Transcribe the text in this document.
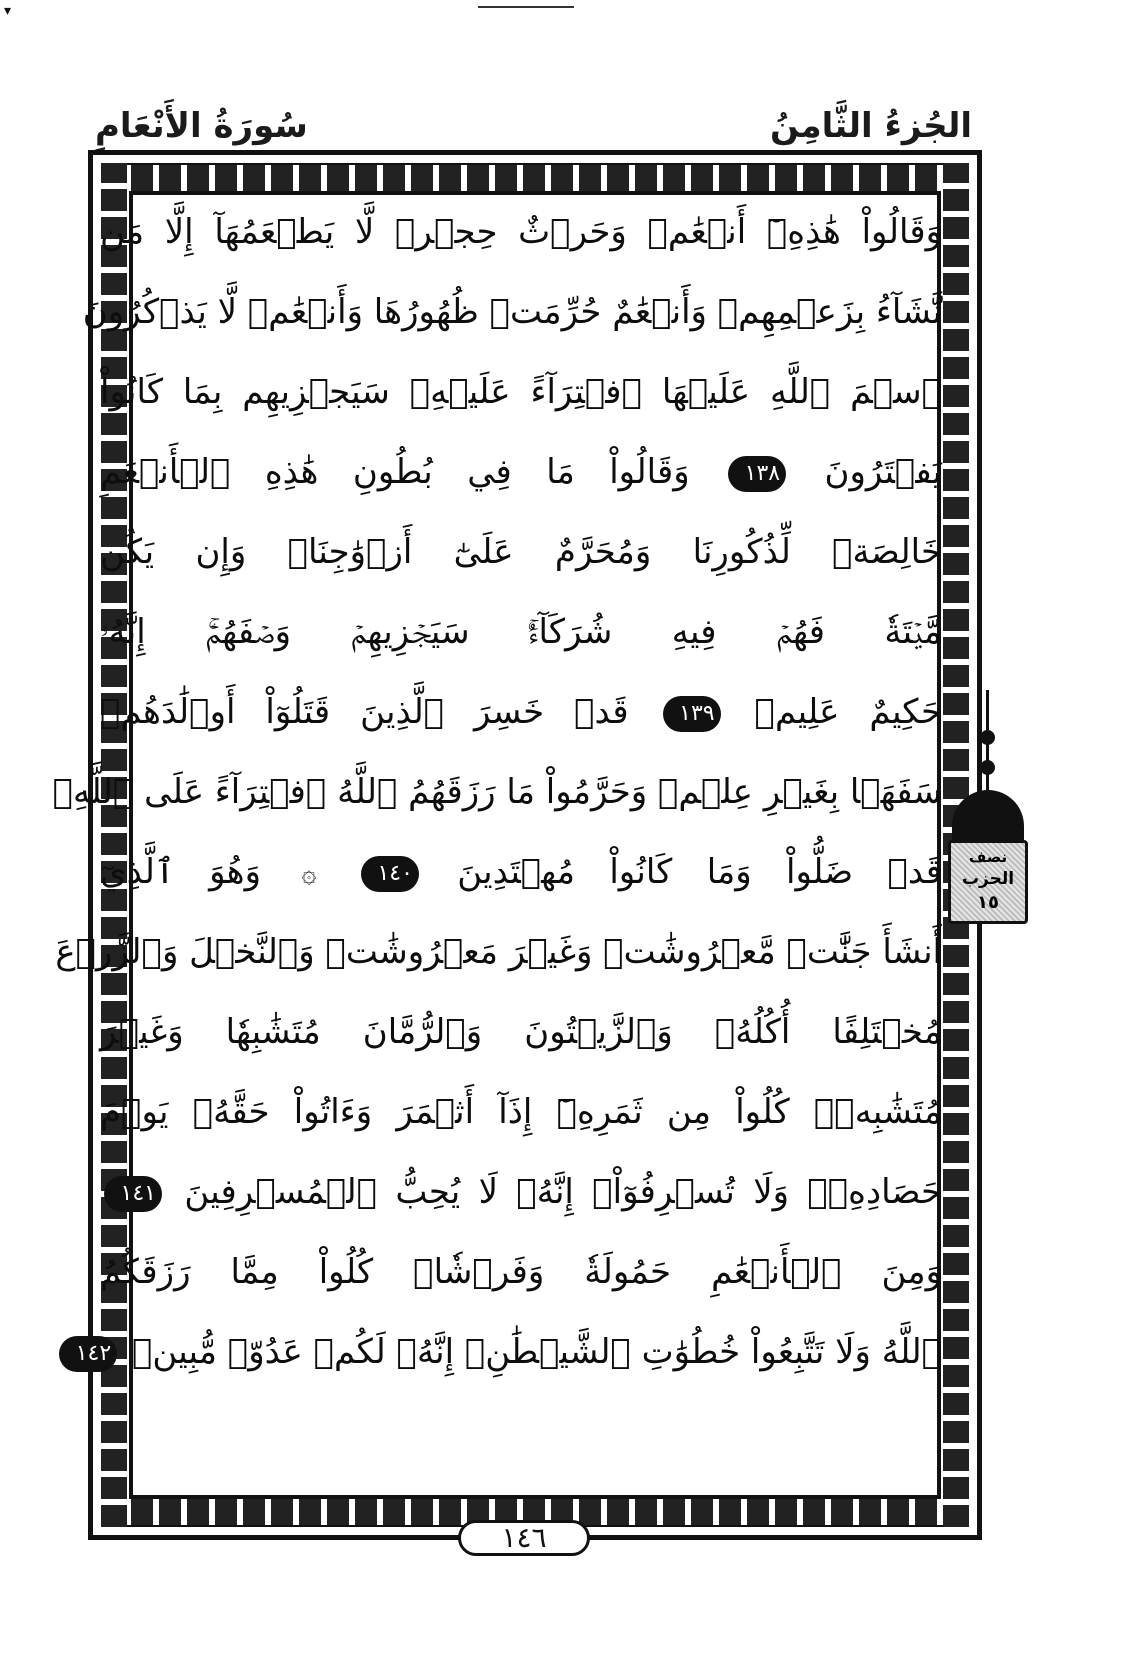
▾
سُورَةُ الأَنْعَامِ	الجُزءُ الثَّامِنُ
وَقَالُواْ هَٰذِهِۦٓ أَنۡعَٰمٞ وَحَرۡثٌ حِجۡرٞ لَّا يَطۡعَمُهَآ إِلَّا مَن
نَّشَآءُ بِزَعۡمِهِمۡ وَأَنۡعَٰمٌ حُرِّمَتۡ ظُهُورُهَا وَأَنۡعَٰمٞ لَّا يَذۡكُرُونَ
ٱسۡمَ ٱللَّهِ عَلَيۡهَا ٱفۡتِرَآءً عَلَيۡهِۚ سَيَجۡزِيهِم بِمَا كَانُواْ
يَفۡتَرُونَ ١٣٨ وَقَالُواْ مَا فِي بُطُونِ هَٰذِهِ ٱلۡأَنۡعَٰمِ
خَالِصَةٞ لِّذُكُورِنَا وَمُحَرَّمٌ عَلَىٰٓ أَزۡوَٰجِنَاۖ وَإِن يَكُن
مَّيۡتَةٗ فَهُمۡ فِيهِ شُرَكَآءُۚ سَيَجۡزِيهِمۡ وَصۡفَهُمۡۚ إِنَّهُۥ
حَكِيمٌ عَلِيمٞ ١٣٩ قَدۡ خَسِرَ ٱلَّذِينَ قَتَلُوٓاْ أَوۡلَٰدَهُمۡ
سَفَهَۢا بِغَيۡرِ عِلۡمٖ وَحَرَّمُواْ مَا رَزَقَهُمُ ٱللَّهُ ٱفۡتِرَآءً عَلَى ٱللَّهِۚ
قَدۡ ضَلُّواْ وَمَا كَانُواْ مُهۡتَدِينَ ١٤٠ ۞ وَهُوَ ٱلَّذِيٓ
أَنشَأَ جَنَّٰتٖ مَّعۡرُوشَٰتٖ وَغَيۡرَ مَعۡرُوشَٰتٖ وَٱلنَّخۡلَ وَٱلزَّرۡعَ
مُخۡتَلِفًا أُكُلُهُۥ وَٱلزَّيۡتُونَ وَٱلرُّمَّانَ مُتَشَٰبِهٗا وَغَيۡرَ
مُتَشَٰبِهٖۚ كُلُواْ مِن ثَمَرِهِۦٓ إِذَآ أَثۡمَرَ وَءَاتُواْ حَقَّهُۥ يَوۡمَ
حَصَادِهِۦۖ وَلَا تُسۡرِفُوٓاْۚ إِنَّهُۥ لَا يُحِبُّ ٱلۡمُسۡرِفِينَ ١٤١
وَمِنَ ٱلۡأَنۡعَٰمِ حَمُولَةٗ وَفَرۡشٗاۚ كُلُواْ مِمَّا رَزَقَكُمُ
ٱللَّهُ وَلَا تَتَّبِعُواْ خُطُوَٰتِ ٱلشَّيۡطَٰنِۚ إِنَّهُۥ لَكُمۡ عَدُوّٞ مُّبِينٞ ١٤٢
١٤٦
نصف
الحزب
١٥
